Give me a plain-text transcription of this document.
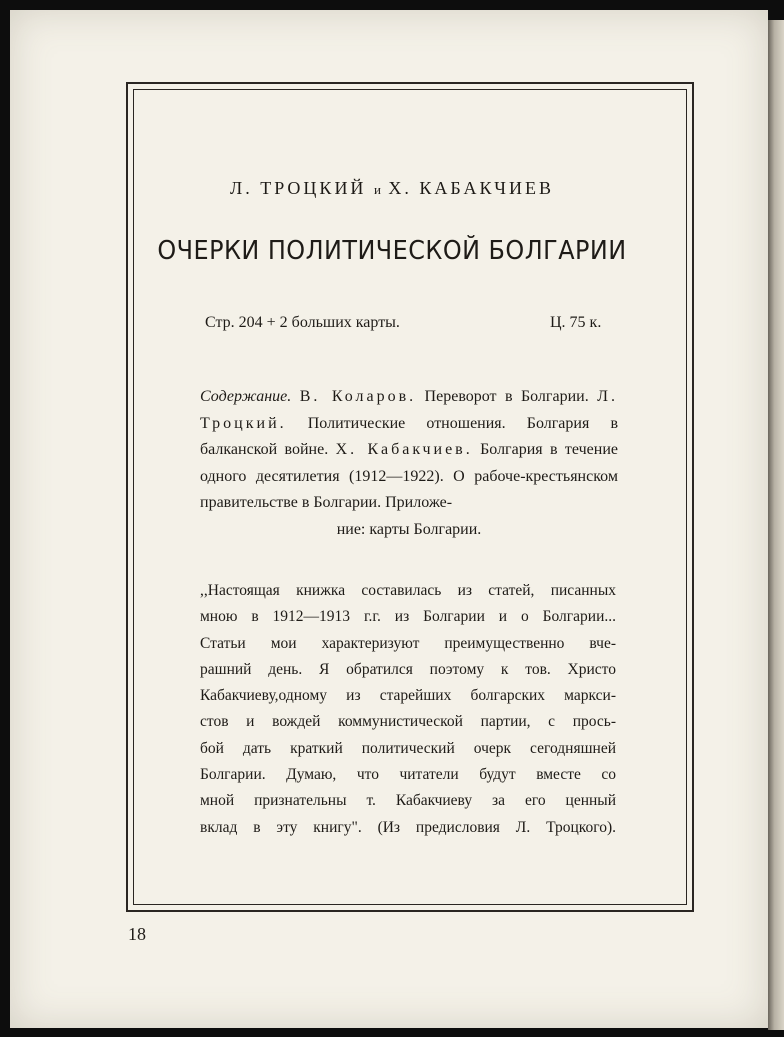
Л. ТРОЦКИЙ и Х. КАБАКЧИЕВ
ОЧЕРКИ ПОЛИТИЧЕСКОЙ БОЛГАРИИ
Стр. 204 + 2 больших карты.	Ц. 75 к.
Содержание. В. Коларов. Переворот в Болгарии. Л. Троцкий. Политические отношения. Болгария в балканской войне. Х. Кабакчиев. Болгария в течение одного десятилетия (1912—1922). О рабоче-крестьянском правительстве в Болгарии. Приложе-
ние: карты Болгарии.
,,Настоящая книжка составилась из статей, писанных
мною в 1912—1913 г.г. из Болгарии и о Болгарии...
Статьи мои характеризуют преимущественно вче-
рашний день. Я обратился поэтому к тов. Христо
Кабакчиеву,одному из старейших болгарских маркси-
стов и вождей коммунистической партии, с прось-
бой дать краткий политический очерк сегодняшней
Болгарии. Думаю, что читатели будут вместе со
мной признательны т. Кабакчиеву за его ценный
вклад в эту книгу". (Из предисловия Л. Троцкого).
18
